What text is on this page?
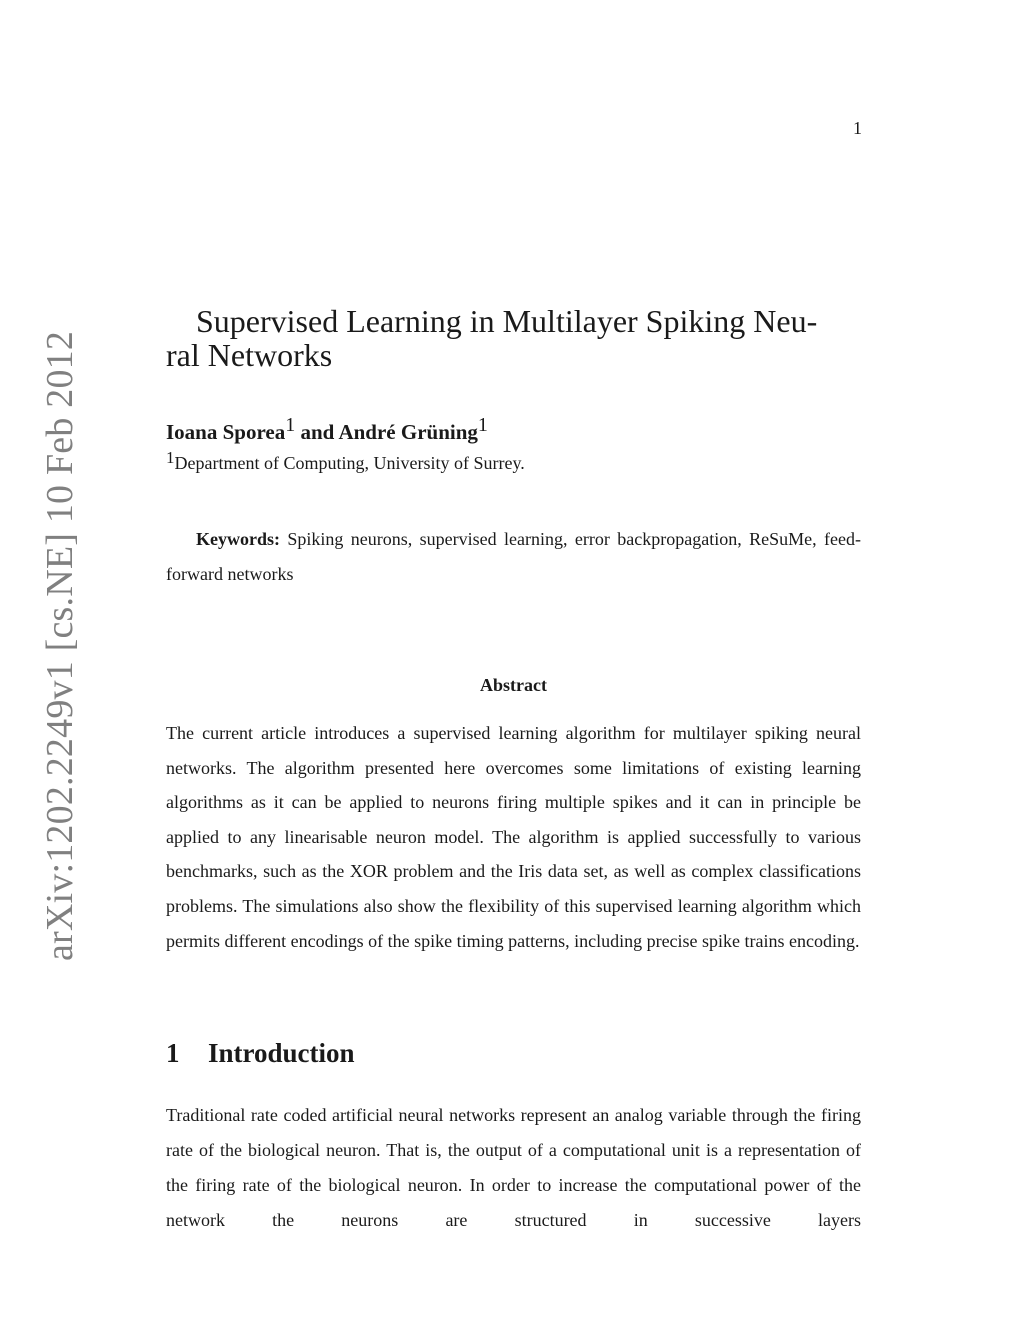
1
arXiv:1202.2249v1 [cs.NE] 10 Feb 2012
Supervised Learning in Multilayer Spiking Neu-
ral Networks
Ioana Sporea$^1$ and André Grüning$^1$
$^1$Department of Computing, University of Surrey.
Keywords: Spiking neurons, supervised learning, error backpropagation, ReSuMe, feed-forward networks
Abstract

The current article introduces a supervised learning algorithm for multilayer spiking neural networks. The algorithm presented here overcomes some limitations of existing learning algorithms as it can be applied to neurons firing multiple spikes and it can in principle be applied to any linearisable neuron model. The algorithm is applied successfully to various benchmarks, such as the XOR problem and the Iris data set, as well as complex classifications problems. The simulations also show the flexibility of this supervised learning algorithm which permits different encodings of the spike timing patterns, including precise spike trains encoding.

1 Introduction

Traditional rate coded artificial neural networks represent an analog variable through the firing rate of the biological neuron. That is, the output of a computational unit is a representation of the firing rate of the biological neuron. In order to increase the computational power of the network the neurons are structured in successive layers
